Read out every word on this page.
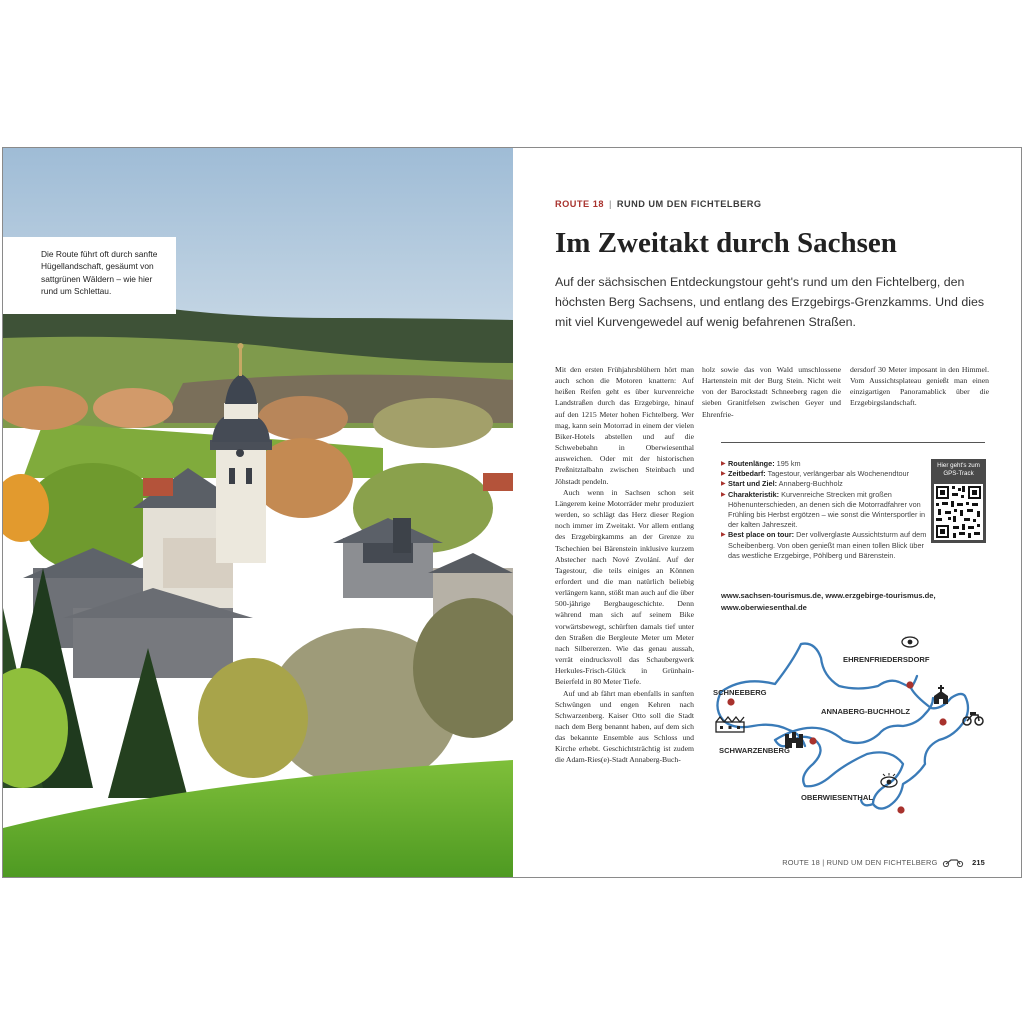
Die Route führt oft durch sanfte Hügellandschaft, gesäumt von sattgrünen Wäldern – wie hier rund um Schlettau.
ROUTE 18 | RUND UM DEN FICHTELBERG
Im Zweitakt durch Sachsen

Auf der sächsischen Entdeckungstour geht's rund um den Fichtelberg, den höchsten Berg Sachsens, und entlang des Erzgebirgs-Grenzkamms. Und dies mit viel Kurvengewedel auf wenig befahrenen Straßen.

Mit den ersten Frühjahrsblühern hört man auch schon die Motoren knattern: Auf heißen Reifen geht es über kurvenreiche Landstraßen durch das Erzgebirge, hinauf auf den 1215 Meter hohen Fichtelberg. Wer mag, kann sein Motorrad in einem der vielen Biker-Hotels abstellen und auf die Schwebebahn in Oberwiesenthal ausweichen. Oder mit der historischen Preßnitztalbahn zwischen Steinbach und Jöhstadt pendeln.

Auch wenn in Sachsen schon seit Längerem keine Motorräder mehr produziert werden, so schlägt das Herz dieser Region noch immer im Zweitakt. Vor allem entlang des Erzgebirgkamms an der Grenze zu Tschechien bei Bärenstein inklusive kurzem Abstecher nach Nové Zvolání. Auf der Tagestour, die teils einiges an Können erfordert und die man natürlich beliebig verlängern kann, stößt man auch auf die über 500-jährige Bergbaugeschichte. Denn während man sich auf seinem Bike vorwärtsbewegt, schürften damals tief unter den Straßen die Bergleute Meter um Meter nach Silbererzen. Wie das genau aussah, verrät eindrucksvoll das Schaubergwerk Herkules-Frisch-Glück in Grünhain-Beierfeld in 80 Meter Tiefe.

Auf und ab fährt man ebenfalls in sanften Schwüngen und engen Kehren nach Schwarzenberg. Kaiser Otto soll die Stadt nach dem Berg benannt haben, auf dem sich das bekannte Ensemble aus Schloss und Kirche erhebt. Geschichtsträchtig ist zudem die Adam-Ries(e)-Stadt Annaberg-Buch-

holz sowie das von Wald umschlossene Hartenstein mit der Burg Stein. Nicht weit von der Barockstadt Schneeberg ragen die sieben Granitfelsen zwischen Geyer und Ehrenfrie-

dersdorf 30 Meter imposant in den Himmel. Vom Aussichtsplateau genießt man einen einzigartigen Panoramablick über die Erzgebirgslandschaft.

▶ Routenlänge: 195 km
▶ Zeitbedarf: Tagestour, verlängerbar als Wochenendtour
▶ Start und Ziel: Annaberg-Buchholz
▶ Charakteristik: Kurvenreiche Strecken mit großen Höhenunterschieden, an denen sich die Motorradfahrer von Frühling bis Herbst ergötzen – wie sonst die Wintersportler in der kalten Jahreszeit.
▶ Best place on tour: Der vollverglaste Aussichtsturm auf dem Scheibenberg. Von oben genießt man einen tollen Blick über das westliche Erzgebirge, Pöhlberg und Bärenstein.
Hier geht's zum GPS-Track
www.sachsen-tourismus.de, www.erzgebirge-tourismus.de, www.oberwiesenthal.de
EHRENFRIEDERSDORF
SCHNEEBERG
ANNABERG-BUCHHOLZ
SCHWARZENBERG
OBERWIESENTHAL
ROUTE 18 | RUND UM DEN FICHTELBERG	215
